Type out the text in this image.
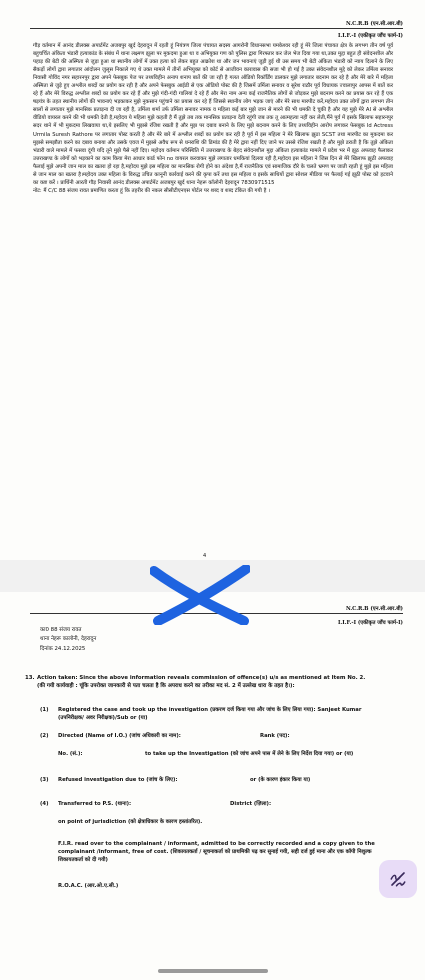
N.C.R.B (एन.सी.आर.बी)
I.I.F.-I (एकीकृत जाँच फार्म-I)
गौड़ वर्तमान में आनंद डीलक्स अपार्टमेंट अजबपुर खुर्द देहरादून में रहती हूं नियंत्रण जिला पंचायत सदस्य आगरोनी विधानसभा यमकेश्वर रही हूं मेरे जिला पंचायत क्षेत्र के लगभग तीन वर्ष पूर्व बहुचर्चित अंकिता भंडारी हत्याकांड के संबंध में थाना लक्ष्मण झूला पर मुकदमा हुआ था व अभियुक्त गण को पुलिस द्वारा गिरफ्तार कर जेल भेज दिया गया था,उक्त मुद्दा बहुत ही संवेदनशील और पहाड़ की बेटी की अस्मिता से जुड़ा हुआ था स्थानीय लोगों में उक्त हत्या को लेकर बहुत आक्रोश था और जन भावनाएं जुड़ी हुई थी उस समय भी बेटी अंकिता भंडारी को न्याय दिलाने के लिए सैकड़ों लोगों द्वारा लगातार आंदोलन जुलूस निकाले गए थे उक्त मामले में तीनों अभियुक्त को कोर्ट से आजीवन कारावास की सजा भी हो गई है उक्त संवेदनशील मुद्दे को लेकर उर्मिला सनावर निवासी गोविंद नगर सहारनपुर द्वारा अपने फेसबुक पेज पर तथ्यविहीन अनाप शनाप बातें की जा रही है गलत ऑडियो रिकॉर्डिंग डालकर मुझे लगातार बदनाम कर रहे है और मेरे बारे में महिला अस्मिता से जुड़े हुए अश्लील शब्दों का प्रयोग कर रही है और अपने फेसबुक आईडी से एक ऑडियो पोस्ट की है जिसमें उर्मिला सनावर व सुरेश राठौर पूर्व विधायक ज्वालापुर आपस में बातें कर रहे हैं और मेरे विरुद्ध अश्लील शब्दों का प्रयोग कर रहे हैं और मुझे गंदी-गंदी गालियां दे रहे हैं और मेरा नाम अन्य कई राजनैतिक लोगों से जोड़कर मुझे बदनाम करने का प्रयास कर रहे हैं एक षड़यंत्र के तहत स्थानीय लोगों की भावनाएं भड़काकर मुझे नुकसान पहुंचाने का प्रयास कर रहे हैं जिससे स्थानीय लोग भड़क जाएं और मेरे साथ मारपीट करें,महोदय उक्त लोगों द्वारा लगभग तीन सालों से लगातार मुझे मानसिक प्रताड़ना दी जा रही है, उर्मिला शर्मा उर्फ उर्मिला सनावर नामक व महिला कई बार मुझे जान से मारने की भी धमकी दे चुकी है और यह मुझे मेरे AI से अश्लील वीडियो वायरल करने की भी धमकी देती है,महोदय ये महिला मुझे कहती है मैं तुझे तब तक मानसिक प्रताड़ना देती रहूंगी जब तक तू आत्महत्या नहीं कर लेती,मैंने पूर्व में इसके खिलाफ सहारनपुर सदर थाने में भी मुकदमा लिखवाया था,ये इसलिए भी मुझसे रंजिश रखती है और मुझ पर दबाव बनाने के लिए मुझे बदनाम करने के लिए तथ्यविहीन आरोप लगाकर फेसबुक Id Actress Urmila Suresh Rathore पर लगातार पोस्ट करती है और मेरे बारे में अश्लील शब्दों का प्रयोग कर रही है पूर्व में इस महिला ने मेरे खिलाफ झूठा SCST तथा मारपीट का मुकदमा कर मुझसे समझौता करने का दबाव बनाया और उसके एवज में मुझसे अवैध रूप से धनराशि की डिमांड की है मेरे द्वारा नहीं दिए जाने पर उससे रंजिश रखती है और मुझे डराती है कि तुझे अंकिता भंडारी वाले मामले में फसवा दूंगी यदि तूने मुझे पैसे नहीं दिए। महोदय वर्तमान परिस्थिति में उत्तराखण्ड के बेहद संवेदनशील मुद्दा अंकिता हत्याकांड मामले में प्रदेश भर में झूठ अफवाह फैलाकर उत्तराखण्ड के लोगों को भड़काने का काम किया मेरा आधार कार्ड फोन no वायरल करवाकर मुझे लगातार धमकियां दिलवा रही है,महोदय इस महिला ने जिस दिन से मेरे खिलाफ झूठी अफवाह फैलाई मुझे अपनी जान माल का खतरा हो रहा है,महोदय मुझे इस महिला का मानसिक रोगी होने का अंदेशा है,मैं राजनैतिक एवं सामाजिक दौरे के चलते भ्रमण पर जाती रहती हूं मुझे इस महिला से जान माल का खतरा है।महोदय उक्त महिला के विरुद्ध उचित कानूनी कार्रवाई करने की कृपा करें तथा इस महिला व इसके साथियों द्वारा सोशल मीडिया पर फैलाई गई झूठी पोस्ट को हटवाने का कष्ट करें । प्रार्थिनी आरती गौड़ निवासी आनंद डीलक्स अपार्टमेंट अजबपुर खुर्द थाना नेहरू कॉलोनी देहरादून 7830971515
नोट: मैं C/C 88 संजय रावत प्रमाणित करता हूं कि तहरीर की नकल सीसीटीएनएस पोर्टल पर शब्द व शब्द टंकित की गयी है ।
4
N.C.R.B (एन.सी.आर.बी)
I.I.F.-I (एकीकृत जाँच फार्म-I)
का0 88 संजय रावत
थाना नेहरू कालोनी, देहरादून
दिनांक 24.12.2025
13. Action taken: Since the above information reveals commission of offence(s) u/s as mentioned at Item No. 2.
(की गयी कार्यवाही : चूंकि उपरोक्त जानकारी से पता चलता है कि अपराध करने का तरीका मद सं. 2 में उल्लेख धारा के तहत है।):
(1) Registered the case and took up the investigation (प्रकरण दर्ज किया गया और जांच के लिए लिया गया): Sanjeet Kumar (उपनिरीक्षक/ अवर निरीक्षक)/Sub or (या)
(2) Directed (Name of I.O.) (जांच अधिकारी का नाम):	Rank (पद):
No. (सं.):	to take up the Investigation (को जांच अपने पास में लेने के लिए निर्देश दिया गया) or (या)
(3) Refused investigation due to (जांच के लिए):	or (के कारण इंकार किया या)
(4) Transferred to P.S. (थाना):	District (ज़िला):
on point of jurisdiction (को क्षेत्राधिकार के कारण हस्तांतरित).
F.I.R. read over to the complainant / informant, admitted to be correctly recorded and a copy given to the complainant /informant, free of cost. (शिकायतकर्ता / सूचनाकर्ता को प्राथमिकी पढ़ कर सुनाई गयी, सही दर्ज हुई माना और एक कॉपी निशुल्क शिकायतकर्ता को दी गयी)
R.O.A.C. (आर.ओ.ए.सी.)
